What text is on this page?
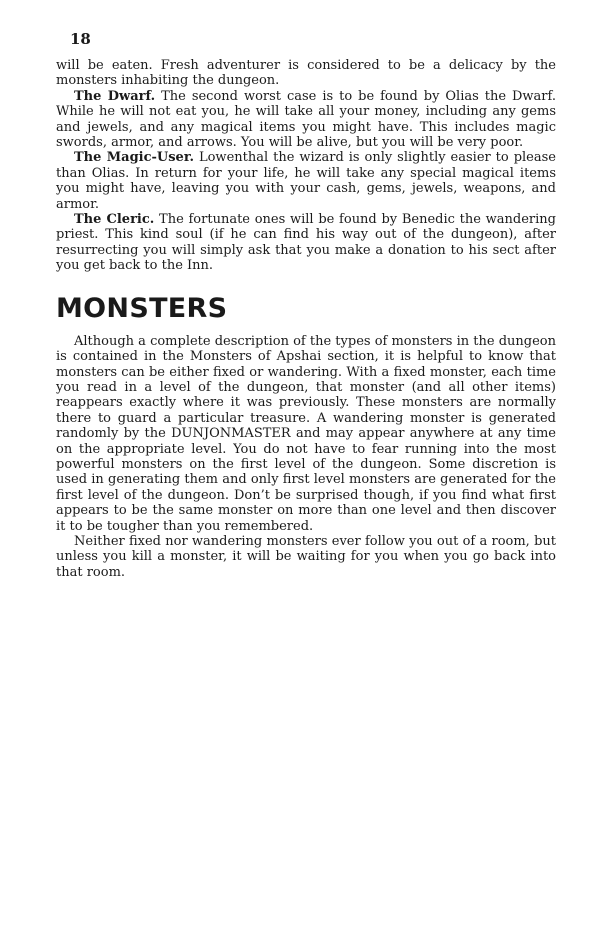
18

will be eaten. Fresh adventurer is considered to be a delicacy by the monsters inhabiting the dungeon.

The Dwarf. The second worst case is to be found by Olias the Dwarf. While he will not eat you, he will take all your money, including any gems and jewels, and any magical items you might have. This includes magic swords, armor, and arrows. You will be alive, but you will be very poor.

The Magic-User. Lowenthal the wizard is only slightly easier to please than Olias. In return for your life, he will take any special magical items you might have, leaving you with your cash, gems, jewels, weapons, and armor.

The Cleric. The fortunate ones will be found by Benedic the wandering priest. This kind soul (if he can find his way out of the dungeon), after resurrecting you will simply ask that you make a donation to his sect after you get back to the Inn.

MONSTERS

Although a complete description of the types of monsters in the dungeon is contained in the Monsters of Apshai section, it is helpful to know that monsters can be either fixed or wandering. With a fixed monster, each time you read in a level of the dungeon, that monster (and all other items) reappears exactly where it was previously. These monsters are normally there to guard a particular treasure. A wandering monster is generated randomly by the DUNJONMASTER and may appear anywhere at any time on the appropriate level. You do not have to fear running into the most powerful monsters on the first level of the dungeon. Some discretion is used in generating them and only first level monsters are generated for the first level of the dungeon. Don’t be surprised though, if you find what first appears to be the same monster on more than one level and then discover it to be tougher than you remembered.

Neither fixed nor wandering monsters ever follow you out of a room, but unless you kill a monster, it will be waiting for you when you go back into that room.
